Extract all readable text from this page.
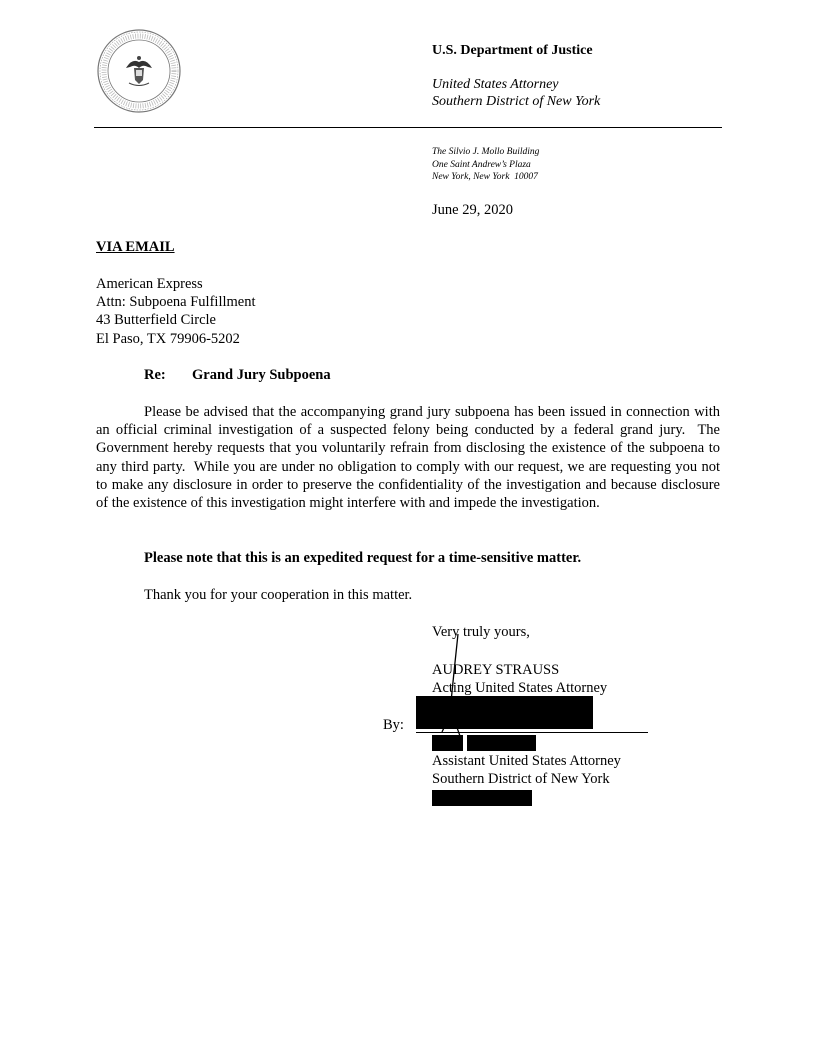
U.S. Department of Justice
United States Attorney
Southern District of New York
The Silvio J. Mollo Building
One Saint Andrew’s Plaza
New York, New York  10007
June 29, 2020
VIA EMAIL
American Express
Attn: Subpoena Fulfillment
43 Butterfield Circle
El Paso, TX 79906-5202
Re: Grand Jury Subpoena
Please be advised that the accompanying grand jury subpoena has been issued in connection with an official criminal investigation of a suspected felony being conducted by a federal grand jury.  The Government hereby requests that you voluntarily refrain from disclosing the existence of the subpoena to any third party.  While you are under no obligation to comply with our request, we are requesting you not to make any disclosure in order to preserve the confidentiality of the investigation and because disclosure of the existence of this investigation might interfere with and impede the investigation.
Please note that this is an expedited request for a time-sensitive matter.
Thank you for your cooperation in this matter.
Very truly yours,
AUDREY STRAUSS
Acting United States Attorney
By:
Assistant United States Attorney
Southern District of New York
